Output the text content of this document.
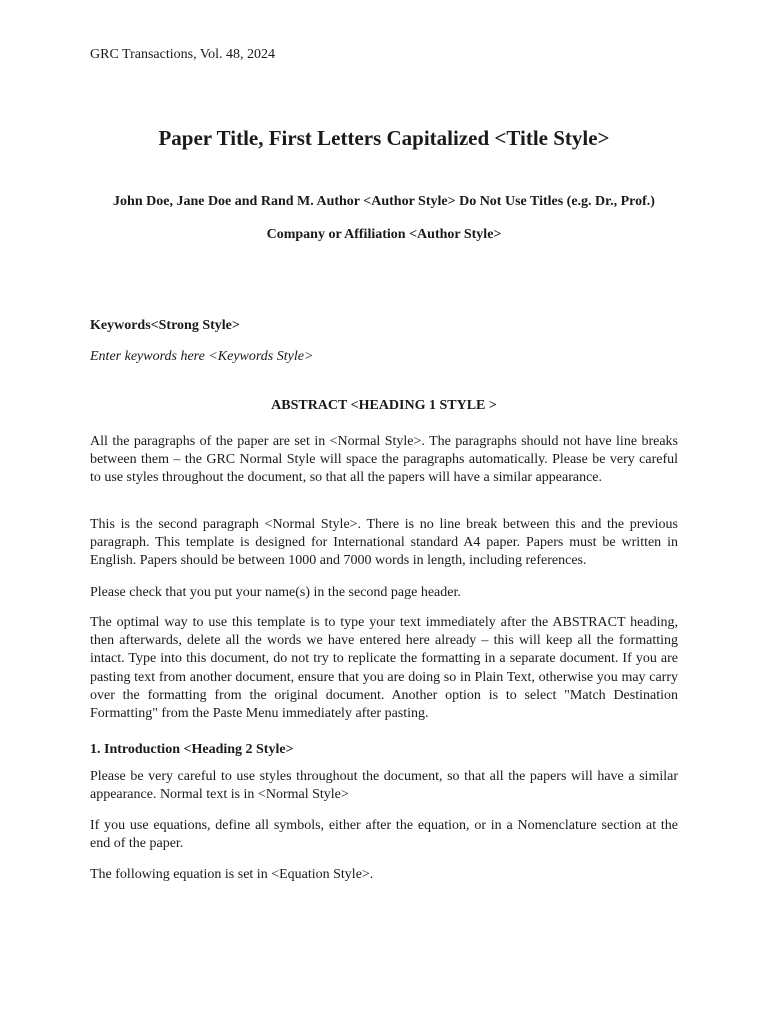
GRC Transactions, Vol. 48, 2024
Paper Title, First Letters Capitalized <Title Style>
John Doe, Jane Doe and Rand M. Author <Author Style> Do Not Use Titles (e.g. Dr., Prof.)
Company or Affiliation <Author Style>
Keywords<Strong Style>
Enter keywords here <Keywords Style>
ABSTRACT <HEADING 1 STYLE >

All the paragraphs of the paper are set in <Normal Style>. The paragraphs should not have line breaks between them – the GRC Normal Style will space the paragraphs automatically. Please be very careful to use styles throughout the document, so that all the papers will have a similar appearance.

This is the second paragraph <Normal Style>. There is no line break between this and the previous paragraph. This template is designed for International standard A4 paper. Papers must be written in English. Papers should be between 1000 and 7000 words in length, including references.

Please check that you put your name(s) in the second page header.

The optimal way to use this template is to type your text immediately after the ABSTRACT heading, then afterwards, delete all the words we have entered here already – this will keep all the formatting intact. Type into this document, do not try to replicate the formatting in a separate document. If you are pasting text from another document, ensure that you are doing so in Plain Text, otherwise you may carry over the formatting from the original document. Another option is to select "Match Destination Formatting" from the Paste Menu immediately after pasting.

1. Introduction <Heading 2 Style>

Please be very careful to use styles throughout the document, so that all the papers will have a similar appearance. Normal text is in <Normal Style>

If you use equations, define all symbols, either after the equation, or in a Nomenclature section at the end of the paper.

The following equation is set in <Equation Style>.
